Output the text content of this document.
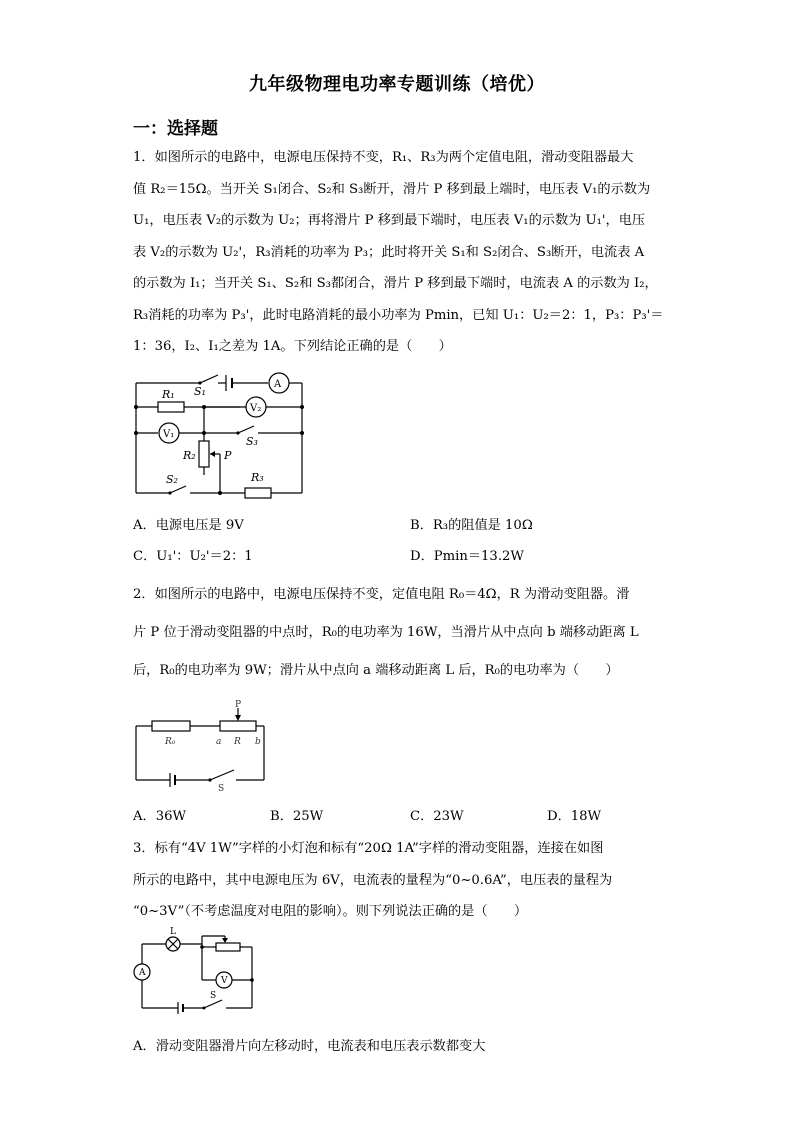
九年级物理电功率专题训练（培优）
一：选择题
1．如图所示的电路中，电源电压保持不变，R₁、R₃为两个定值电阻，滑动变阻器最大
值 R₂＝15Ω。当开关 S₁闭合、S₂和 S₃断开，滑片 P 移到最上端时，电压表 V₁的示数为
U₁，电压表 V₂的示数为 U₂；再将滑片 P 移到最下端时，电压表 V₁的示数为 U₁'，电压
表 V₂的示数为 U₂'，R₃消耗的功率为 P₃；此时将开关 S₁和 S₂闭合、S₃断开，电流表 A
的示数为 I₁；当开关 S₁、S₂和 S₃都闭合，滑片 P 移到最下端时，电流表 A 的示数为 I₂，
R₃消耗的功率为 P₃'，此时电路消耗的最小功率为 Pmin，已知 U₁：U₂＝2：1，P₃：P₃'＝
1：36，I₂、I₁之差为 1A。下列结论正确的是（　　）
R₁ S₁
A
V₂
V₁
S₃
R₂	P
S₂	R₃
A．电源电压是 9V	B．R₃的阻值是 10Ω
C．U₁'：U₂'＝2：1	D．Pmin＝13.2W
2．如图所示的电路中，电源电压保持不变，定值电阻 R₀＝4Ω，R 为滑动变阻器。滑
片 P 位于滑动变阻器的中点时，R₀的电功率为 16W，当滑片从中点向 b 端移动距离 L
后，R₀的电功率为 9W；滑片从中点向 a 端移动距离 L 后，R₀的电功率为（　　）
P
R₀	a R b
S
A．36W	B．25W	C．23W	D．18W
3．标有“4V 1W”字样的小灯泡和标有“20Ω 1A”字样的滑动变阻器，连接在如图
所示的电路中，其中电源电压为 6V，电流表的量程为“0~0.6A”，电压表的量程为
“0~3V”（不考虑温度对电阻的影响）。则下列说法正确的是（　　）
L
A
V
S
A．滑动变阻器滑片向左移动时，电流表和电压表示数都变大
